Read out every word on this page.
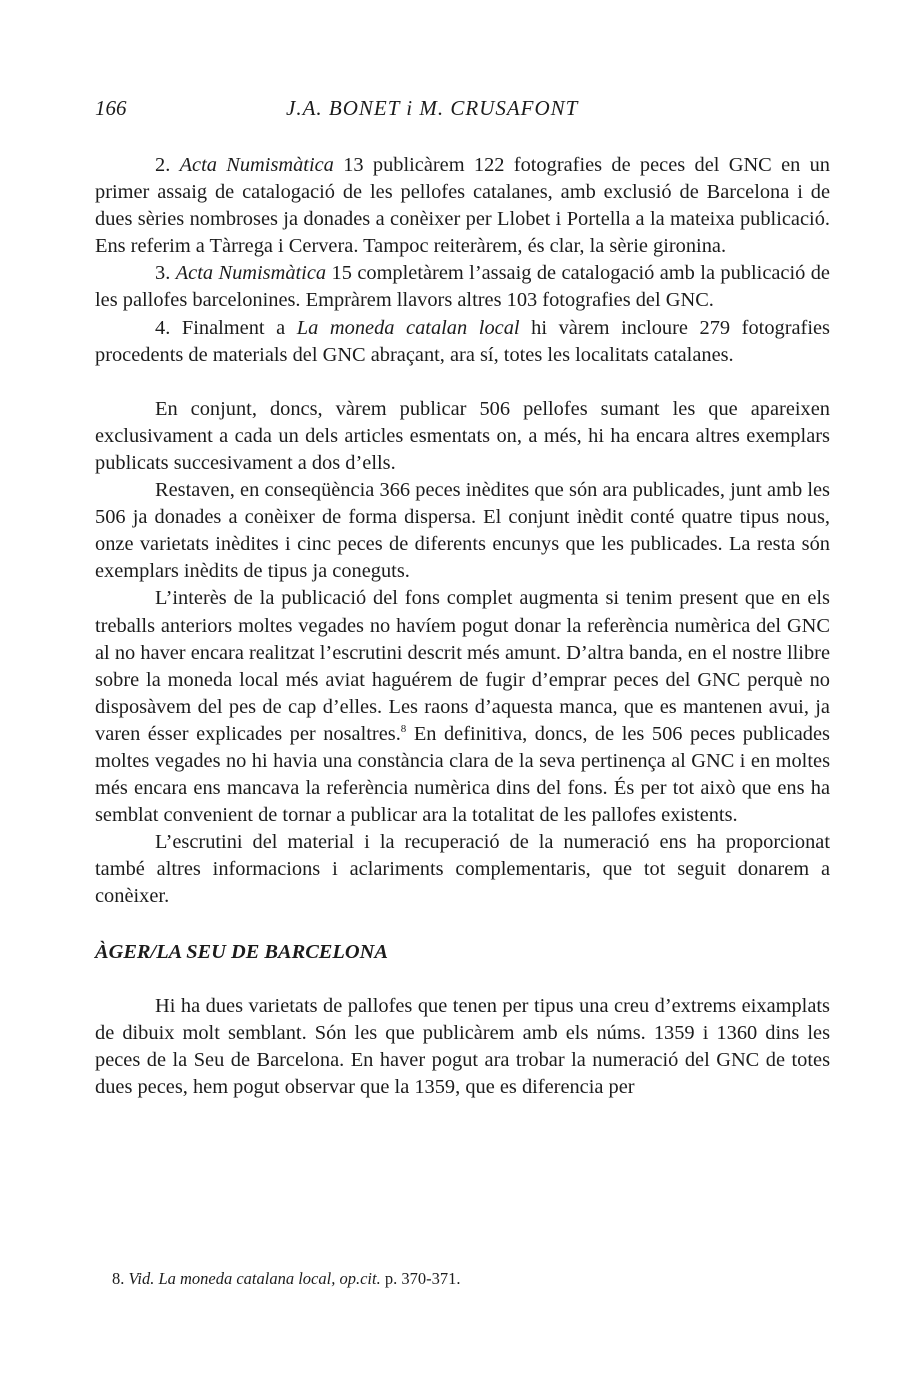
166	J.A. BONET i M. CRUSAFONT

2. Acta Numismàtica 13 publicàrem 122 fotografies de peces del GNC en un primer assaig de catalogació de les pellofes catalanes, amb exclusió de Barcelona i de dues sèries nombroses ja donades a conèixer per Llobet i Portella a la mateixa publicació. Ens referim a Tàrrega i Cervera. Tampoc reiteràrem, és clar, la sèrie gironina.

3. Acta Numismàtica 15 completàrem l’assaig de catalogació amb la publicació de les pallofes barcelonines. Empràrem llavors altres 103 fotografies del GNC.

4. Finalment a La moneda catalan local hi vàrem incloure 279 fotografies procedents de materials del GNC abraçant, ara sí, totes les localitats catalanes.

En conjunt, doncs, vàrem publicar 506 pellofes sumant les que apareixen exclusivament a cada un dels articles esmentats on, a més, hi ha encara altres exemplars publicats succesivament a dos d’ells.

Restaven, en conseqüència 366 peces inèdites que són ara publicades, junt amb les 506 ja donades a conèixer de forma dispersa. El conjunt inèdit conté quatre tipus nous, onze varietats inèdites i cinc peces de diferents encunys que les publicades. La resta són exemplars inèdits de tipus ja coneguts.

L’interès de la publicació del fons complet augmenta si tenim present que en els treballs anteriors moltes vegades no havíem pogut donar la referència numèrica del GNC al no haver encara realitzat l’escrutini descrit més amunt. D’altra banda, en el nostre llibre sobre la moneda local més aviat haguérem de fugir d’emprar peces del GNC perquè no disposàvem del pes de cap d’elles. Les raons d’aquesta manca, que es mantenen avui, ja varen ésser explicades per nosaltres.$^8$ En definitiva, doncs, de les 506 peces publicades moltes vegades no hi havia una constància clara de la seva pertinença al GNC i en moltes més encara ens mancava la referència numèrica dins del fons. És per tot això que ens ha semblat convenient de tornar a publicar ara la totalitat de les pallofes existents.

L’escrutini del material i la recuperació de la numeració ens ha proporcionat també altres informacions i aclariments complementaris, que tot seguit donarem a conèixer.

ÀGER/LA SEU DE BARCELONA

Hi ha dues varietats de pallofes que tenen per tipus una creu d’extrems eixamplats de dibuix molt semblant. Són les que publicàrem amb els núms. 1359 i 1360 dins les peces de la Seu de Barcelona. En haver pogut ara trobar la numeració del GNC de totes dues peces, hem pogut observar que la 1359, que es diferencia per

8. Vid. La moneda catalana local, op.cit. p. 370-371.
